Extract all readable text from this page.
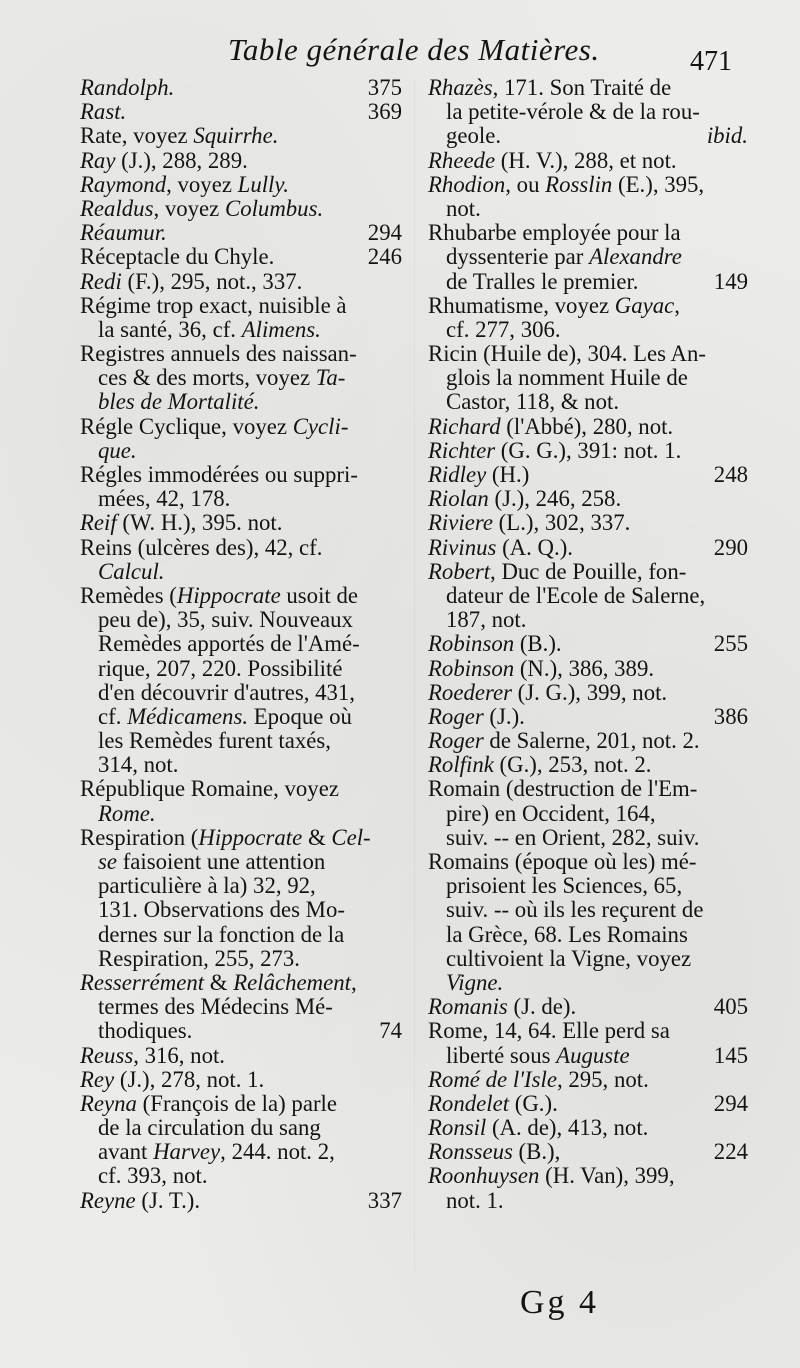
Table générale des Matières.	471
Randolph.	375
Rast.	369
Rate, voyez Squirrhe.
Ray (J.), 288, 289.
Raymond, voyez Lully.
Realdus, voyez Columbus.
Réaumur.	294
Réceptacle du Chyle.	246
Redi (F.), 295, not., 337.
Régime trop exact, nuisible à
la santé, 36, cf. Alimens.
Registres annuels des naissan-
ces & des morts, voyez Ta-
bles de Mortalité.
Régle Cyclique, voyez Cycli-
que.
Régles immodérées ou suppri-
mées, 42, 178.
Reif (W. H.), 395. not.
Reins (ulcères des), 42, cf.
Calcul.
Remèdes (Hippocrate usoit de
peu de), 35, suiv. Nouveaux
Remèdes apportés de l'Amé-
rique, 207, 220. Possibilité
d'en découvrir d'autres, 431,
cf. Médicamens. Epoque où
les Remèdes furent taxés,
314, not.
République Romaine, voyez
Rome.
Respiration (Hippocrate & Cel-
se faisoient une attention
particulière à la) 32, 92,
131. Observations des Mo-
dernes sur la fonction de la
Respiration, 255, 273.
Resserrément & Relâchement,
termes des Médecins Mé-
thodiques.	74
Reuss, 316, not.
Rey (J.), 278, not. 1.
Reyna (François de la) parle
de la circulation du sang
avant Harvey, 244. not. 2,
cf. 393, not.
Reyne (J. T.).	337
Rhazès, 171. Son Traité de
la petite-vérole & de la rou-
geole.	ibid.
Rheede (H. V.), 288, et not.
Rhodion, ou Rosslin (E.), 395,
not.
Rhubarbe employée pour la
dyssenterie par Alexandre
de Tralles le premier.	149
Rhumatisme, voyez Gayac,
cf. 277, 306.
Ricin (Huile de), 304. Les An-
glois la nomment Huile de
Castor, 118, & not.
Richard (l'Abbé), 280, not.
Richter (G. G.), 391: not. 1.
Ridley (H.)	248
Riolan (J.), 246, 258.
Riviere (L.), 302, 337.
Rivinus (A. Q.).	290
Robert, Duc de Pouille, fon-
dateur de l'Ecole de Salerne,
187, not.
Robinson (B.).	255
Robinson (N.), 386, 389.
Roederer (J. G.), 399, not.
Roger (J.).	386
Roger de Salerne, 201, not. 2.
Rolfink (G.), 253, not. 2.
Romain (destruction de l'Em-
pire) en Occident, 164,
suiv. -- en Orient, 282, suiv.
Romains (époque où les) mé-
prisoient les Sciences, 65,
suiv. -- où ils les reçurent de
la Grèce, 68. Les Romains
cultivoient la Vigne, voyez
Vigne.
Romanis (J. de).	405
Rome, 14, 64. Elle perd sa
liberté sous Auguste	145
Romé de l'Isle, 295, not.
Rondelet (G.).	294
Ronsil (A. de), 413, not.
Ronsseus (B.),	224
Roonhuysen (H. Van), 399,
not. 1.
Gg 4
